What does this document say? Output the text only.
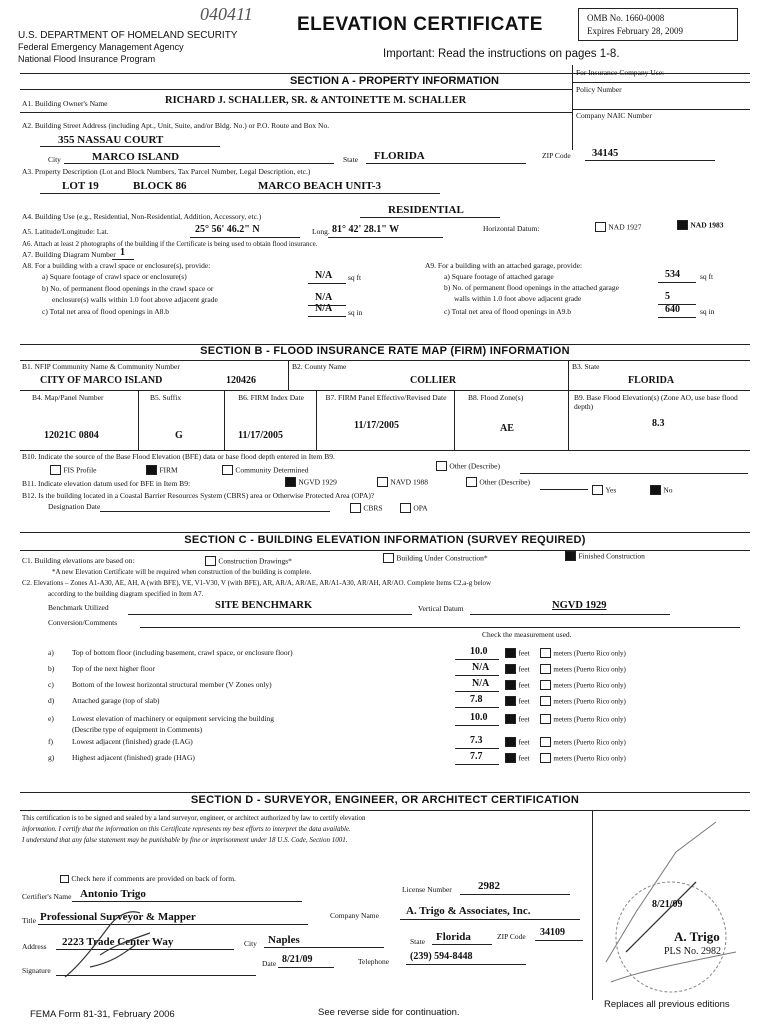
040411
U.S. DEPARTMENT OF HOMELAND SECURITY
Federal Emergency Management Agency
National Flood Insurance Program
ELEVATION CERTIFICATE	OMB No. 1660-0008
Expires February 28, 2009
Important: Read the instructions on pages 1-8.
SECTION A - PROPERTY INFORMATION
For Insurance Company Use:
Policy Number
Company NAIC Number
A1. Building Owner's Name	RICHARD J. SCHALLER, SR. & ANTOINETTE M. SCHALLER
A2. Building Street Address (including Apt., Unit, Suite, and/or Bldg. No.) or P.O. Route and Box No.
355 NASSAU COURT
City	MARCO ISLAND	State FLORIDA	ZIP Code 34145
A3. Property Description (Lot and Block Numbers, Tax Parcel Number, Legal Description, etc.)
LOT 19	BLOCK 86	MARCO BEACH UNIT-3
A4. Building Use (e.g., Residential, Non-Residential, Addition, Accessory, etc.)
RESIDENTIAL
A5. Latitude/Longitude: Lat.	25° 56' 46.2" N	Long. 81° 42' 28.1" W	Horizontal Datum:	NAD 1927	NAD 1983
A6. Attach at least 2 photographs of the building if the Certificate is being used to obtain flood insurance.
A7. Building Diagram Number 1
A8. For a building with a crawl space or enclosure(s), provide:
a) Square footage of crawl space or enclosure(s)	N/A sq ft
b) No. of permanent flood openings in the crawl space or
enclosure(s) walls within 1.0 foot above adjacent grade	N/A
c) Total net area of flood openings in A8.b	N/A sq in
A9. For a building with an attached garage, provide:
a) Square footage of attached garage	534	sq ft
b) No. of permanent flood openings in the attached garage
walls within 1.0 foot above adjacent grade	5
c) Total net area of flood openings in A9.b	640	sq in
SECTION B - FLOOD INSURANCE RATE MAP (FIRM) INFORMATION
B1. NFIP Community Name & Community Number
CITY OF MARCO ISLAND	120426
B2. County Name
COLLIER
B3. State
FLORIDA
B4. Map/Panel Number
12021C 0804
B5. Suffix
G
B6. FIRM Index Date
11/17/2005
B7. FIRM Panel Effective/Revised Date
11/17/2005
B8. Flood Zone(s)
AE
B9. Base Flood Elevation(s) (Zone AO, use base flood depth)
8.3
B10. Indicate the source of the Base Flood Elevation (BFE) data or base flood depth entered in Item B9.
FIS Profile	FIRM	Community Determined	Other (Describe)
B11. Indicate elevation datum used for BFE in Item B9:	NGVD 1929	NAVD 1988	Other (Describe)
B12. Is the building located in a Coastal Barrier Resources System (CBRS) area or Otherwise Protected Area (OPA)?
Designation Date	CBRS	OPA
Yes	No
SECTION C - BUILDING ELEVATION INFORMATION (SURVEY REQUIRED)
C1. Building elevations are based on:	Construction Drawings*	Building Under Construction*	Finished Construction
*A new Elevation Certificate will be required when construction of the building is complete.
C2. Elevations – Zones A1-A30, AE, AH, A (with BFE), VE, V1-V30, V (with BFE), AR, AR/A, AR/AE, AR/A1-A30, AR/AH, AR/AO. Complete Items C2.a-g below
according to the building diagram specified in Item A7.
Benchmark Utilized	SITE BENCHMARK	Vertical Datum	NGVD 1929
Conversion/Comments
Check the measurement used.
a) Top of bottom floor (including basement, crawl space, or enclosure floor)	10.0	feet	meters (Puerto Rico only)
b) Top of the next higher floor	N/A	feet	meters (Puerto Rico only)
c) Bottom of the lowest horizontal structural member (V Zones only)	N/A	feet	meters (Puerto Rico only)
d) Attached garage (top of slab)	7.8	feet	meters (Puerto Rico only)
e) Lowest elevation of machinery or equipment servicing the building	10.0	feet	meters (Puerto Rico only)
f)	Lowest adjacent (finished) grade (LAG)	7.3	feet	meters (Puerto Rico only)
g) Highest adjacent (finished) grade (HAG)	7.7	feet	meters (Puerto Rico only)
(Describe type of equipment in Comments)
SECTION D - SURVEYOR, ENGINEER, OR ARCHITECT CERTIFICATION
This certification is to be signed and sealed by a land surveyor, engineer, or architect authorized by law to certify elevation
information. I certify that the information on this Certificate represents my best efforts to interpret the data available.
I understand that any false statement may be punishable by fine or imprisonment under 18 U.S. Code, Section 1001.
Check here if comments are provided on back of form.
Certifier's Name Antonio Trigo	License Number 2982
Title Professional Surveyor & Mapper	Company Name A. Trigo & Associates, Inc.
Address 2223 Trade Center Way	City Naples	State Florida	ZIP Code 34109
Signature
Date 8/21/09	Telephone (239) 594-8448
8/21/09
A. Trigo
PLS No. 2982
FEMA Form 81-31, February 2006	See reverse side for continuation.
Replaces all previous editions
